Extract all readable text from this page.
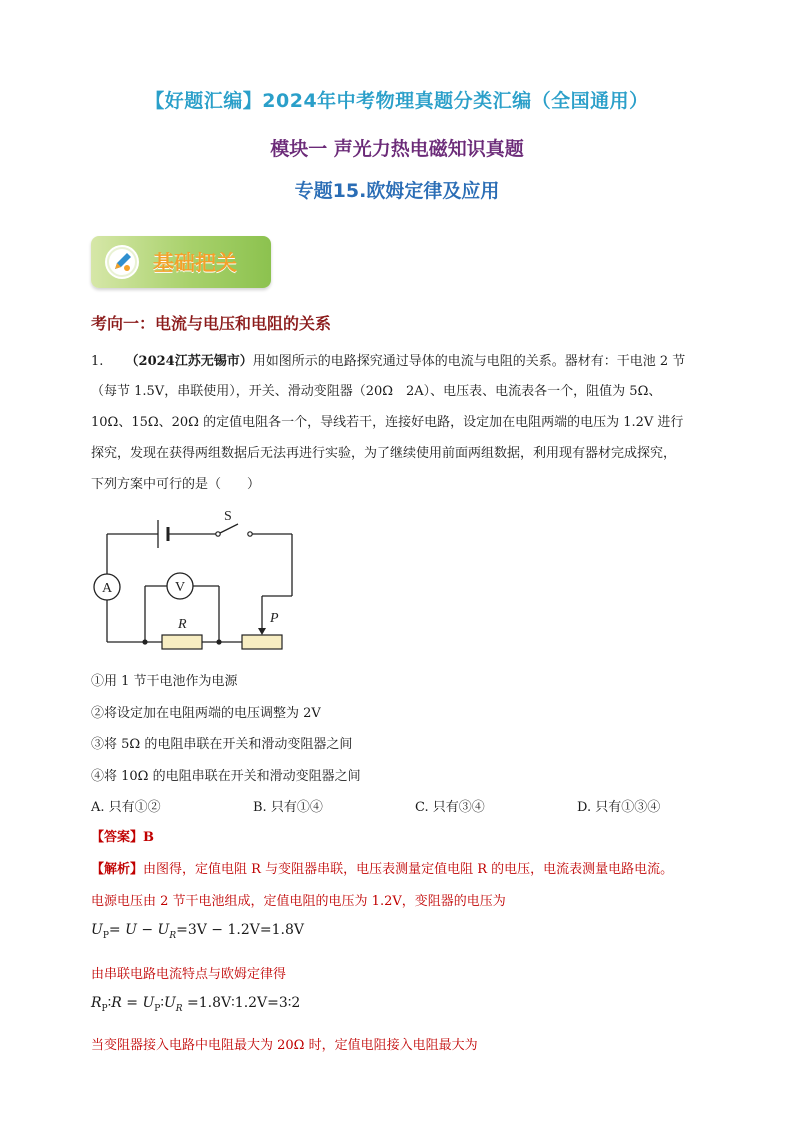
【好题汇编】2024年中考物理真题分类汇编（全国通用）
模块一 声光力热电磁知识真题
专题15.欧姆定律及应用
基础把关
考向一：电流与电压和电阻的关系
1. （2024江苏无锡市）用如图所示的电路探究通过导体的电流与电阻的关系。器材有：干电池 2 节
（每节 1.5V，串联使用），开关、滑动变阻器（20Ω　2A）、电压表、电流表各一个，阻值为 5Ω、
10Ω、15Ω、20Ω 的定值电阻各一个，导线若干，连接好电路，设定加在电阻两端的电压为 1.2V 进行
探究，发现在获得两组数据后无法再进行实验，为了继续使用前面两组数据，利用现有器材完成探究，
下列方案中可行的是（　　）
A	V
S
R	P
①用 1 节干电池作为电源
②将设定加在电阻两端的电压调整为 2V
③将 5Ω 的电阻串联在开关和滑动变阻器之间
④将 10Ω 的电阻串联在开关和滑动变阻器之间
A. 只有①②	B. 只有①④	C. 只有③④	D. 只有①③④
【答案】B
【解析】由图得，定值电阻 R 与变阻器串联，电压表测量定值电阻 R 的电压，电流表测量电路电流。
电源电压由 2 节干电池组成，定值电阻的电压为 1.2V，变阻器的电压为
$U_P= U - U_R=3V - 1.2V=1.8V$
由串联电路电流特点与欧姆定律得
$R_P∶R$ = $U_P∶U_R$ =1.8V∶1.2V=3∶2
当变阻器接入电路中电阻最大为 20Ω 时，定值电阻接入电阻最大为
